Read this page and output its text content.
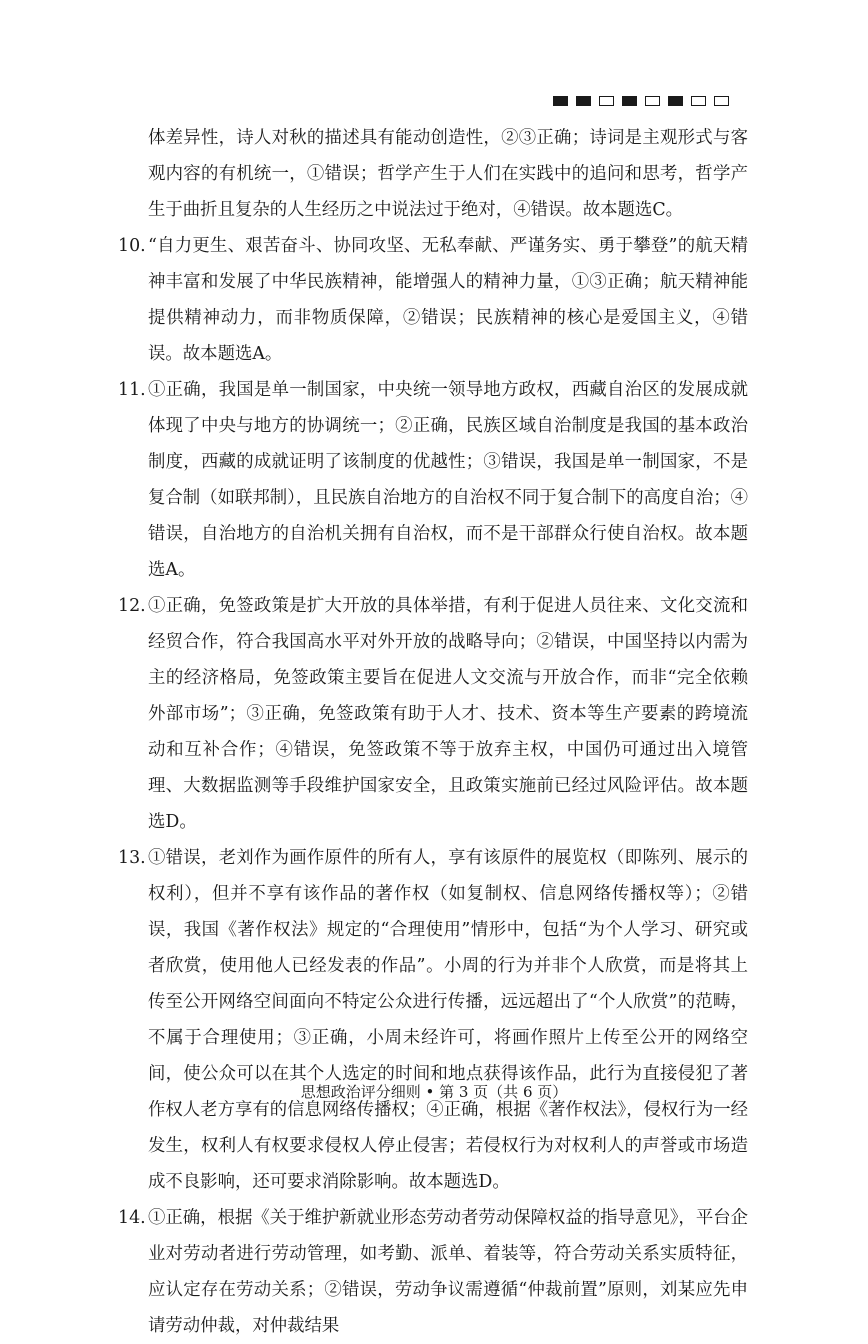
体差异性，诗人对秋的描述具有能动创造性，②③正确；诗词是主观形式与客观内容的有机统一，①错误；哲学产生于人们在实践中的追问和思考，哲学产生于曲折且复杂的人生经历之中说法过于绝对，④错误。故本题选C。

10. “自力更生、艰苦奋斗、协同攻坚、无私奉献、严谨务实、勇于攀登”的航天精神丰富和发展了中华民族精神，能增强人的精神力量，①③正确；航天精神能提供精神动力，而非物质保障，②错误；民族精神的核心是爱国主义，④错误。故本题选A。

11. ①正确，我国是单一制国家，中央统一领导地方政权，西藏自治区的发展成就体现了中央与地方的协调统一；②正确，民族区域自治制度是我国的基本政治制度，西藏的成就证明了该制度的优越性；③错误，我国是单一制国家，不是复合制（如联邦制），且民族自治地方的自治权不同于复合制下的高度自治；④错误，自治地方的自治机关拥有自治权，而不是干部群众行使自治权。故本题选A。

12. ①正确，免签政策是扩大开放的具体举措，有利于促进人员往来、文化交流和经贸合作，符合我国高水平对外开放的战略导向；②错误，中国坚持以内需为主的经济格局，免签政策主要旨在促进人文交流与开放合作，而非“完全依赖外部市场”；③正确，免签政策有助于人才、技术、资本等生产要素的跨境流动和互补合作；④错误，免签政策不等于放弃主权，中国仍可通过出入境管理、大数据监测等手段维护国家安全，且政策实施前已经过风险评估。故本题选D。

13. ①错误，老刘作为画作原件的所有人，享有该原件的展览权（即陈列、展示的权利），但并不享有该作品的著作权（如复制权、信息网络传播权等）；②错误，我国《著作权法》规定的“合理使用”情形中，包括“为个人学习、研究或者欣赏，使用他人已经发表的作品”。小周的行为并非个人欣赏，而是将其上传至公开网络空间面向不特定公众进行传播，远远超出了“个人欣赏”的范畴，不属于合理使用；③正确，小周未经许可，将画作照片上传至公开的网络空间，使公众可以在其个人选定的时间和地点获得该作品，此行为直接侵犯了著作权人老方享有的信息网络传播权；④正确，根据《著作权法》，侵权行为一经发生，权利人有权要求侵权人停止侵害；若侵权行为对权利人的声誉或市场造成不良影响，还可要求消除影响。故本题选D。

14. ①正确，根据《关于维护新就业形态劳动者劳动保障权益的指导意见》，平台企业对劳动者进行劳动管理，如考勤、派单、着装等，符合劳动关系实质特征，应认定存在劳动关系；②错误，劳动争议需遵循“仲裁前置”原则，刘某应先申请劳动仲裁，对仲裁结果

思想政治评分细则 • 第 3 页（共 6 页）
